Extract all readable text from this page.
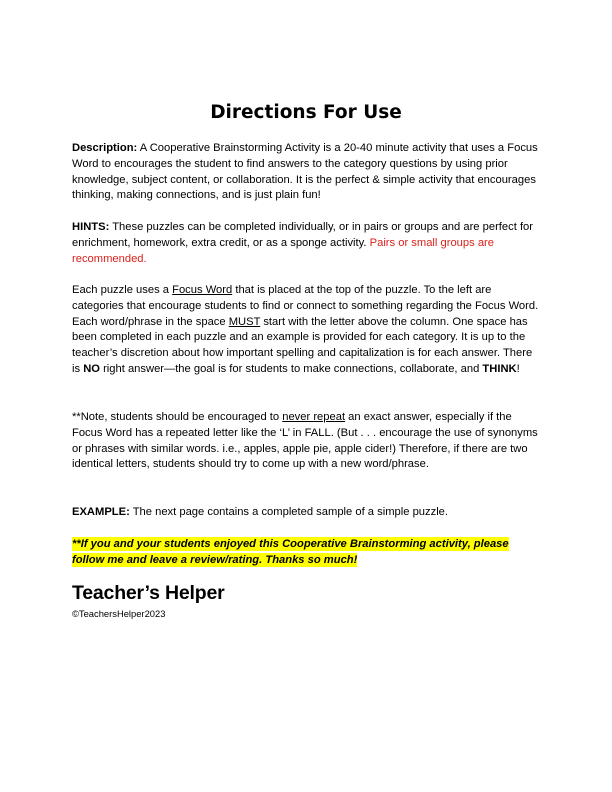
Directions For Use

Description: A Cooperative Brainstorming Activity is a 20-40 minute activity that uses a Focus Word to encourages the student to find answers to the category questions by using prior knowledge, subject content, or collaboration. It is the perfect & simple activity that encourages thinking, making connections, and is just plain fun!

HINTS: These puzzles can be completed individually, or in pairs or groups and are perfect for enrichment, homework, extra credit, or as a sponge activity. Pairs or small groups are recommended.

Each puzzle uses a Focus Word that is placed at the top of the puzzle. To the left are categories that encourage students to find or connect to something regarding the Focus Word. Each word/phrase in the space MUST start with the letter above the column. One space has been completed in each puzzle and an example is provided for each category. It is up to the teacher’s discretion about how important spelling and capitalization is for each answer. There is NO right answer—the goal is for students to make connections, collaborate, and THINK!

**Note, students should be encouraged to never repeat an exact answer, especially if the Focus Word has a repeated letter like the ‘L’ in FALL. (But . . . encourage the use of synonyms or phrases with similar words. i.e., apples, apple pie, apple cider!) Therefore, if there are two identical letters, students should try to come up with a new word/phrase.

EXAMPLE: The next page contains a completed sample of a simple puzzle.

**If you and your students enjoyed this Cooperative Brainstorming activity, please follow me and leave a review/rating. Thanks so much!

Teacher’s Helper
©TeachersHelper2023
